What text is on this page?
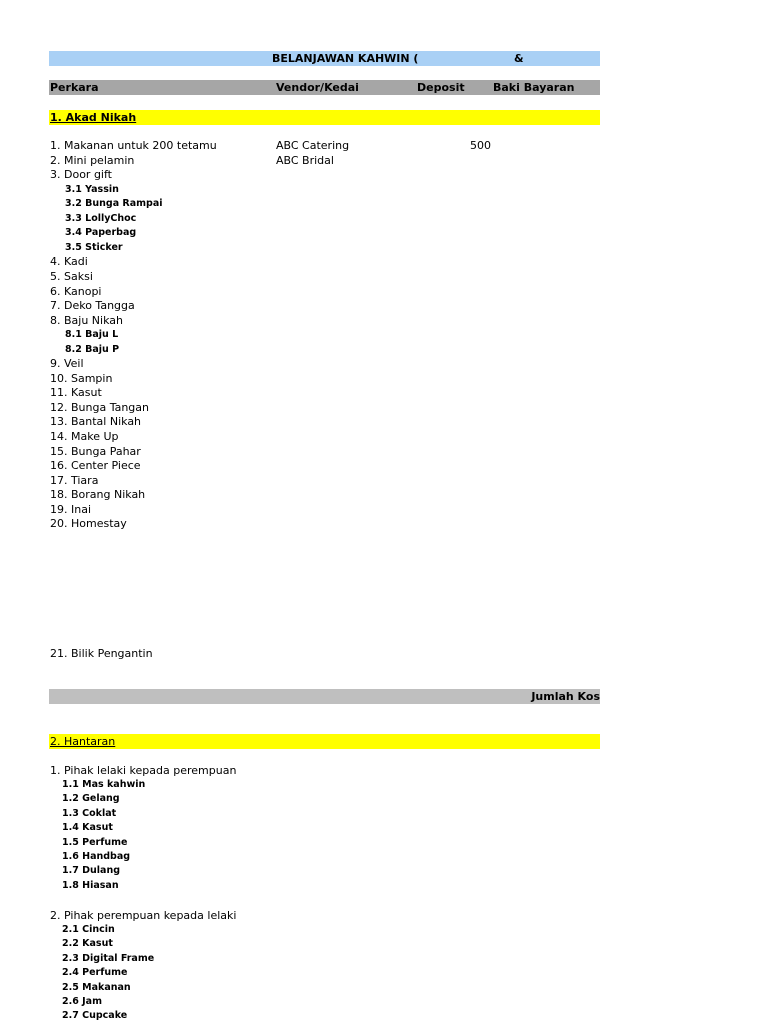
BELANJAWAN KAHWIN (	&
Perkara	Vendor/Kedai	Deposit	Baki Bayaran
1. Akad Nikah
1. Makanan untuk 200 tetamu	ABC Catering	500
2. Mini pelamin	ABC Bridal
3. Door gift
3.1 Yassin
3.2 Bunga Rampai
3.3 LollyChoc
3.4 Paperbag
3.5 Sticker
4. Kadi
5. Saksi
6. Kanopi
7. Deko Tangga
8. Baju Nikah
8.1 Baju L
8.2 Baju P
9. Veil
10. Sampin
11. Kasut
12. Bunga Tangan
13. Bantal Nikah
14. Make Up
15. Bunga Pahar
16. Center Piece
17. Tiara
18. Borang Nikah
19. Inai
20. Homestay
21. Bilik Pengantin
Jumlah Kos
2. Hantaran
1. Pihak lelaki kepada perempuan
1.1 Mas kahwin
1.2 Gelang
1.3 Coklat
1.4 Kasut
1.5 Perfume
1.6 Handbag
1.7 Dulang
1.8 Hiasan
2. Pihak perempuan kepada lelaki
2.1 Cincin
2.2 Kasut
2.3 Digital Frame
2.4 Perfume
2.5 Makanan
2.6 Jam
2.7 Cupcake
